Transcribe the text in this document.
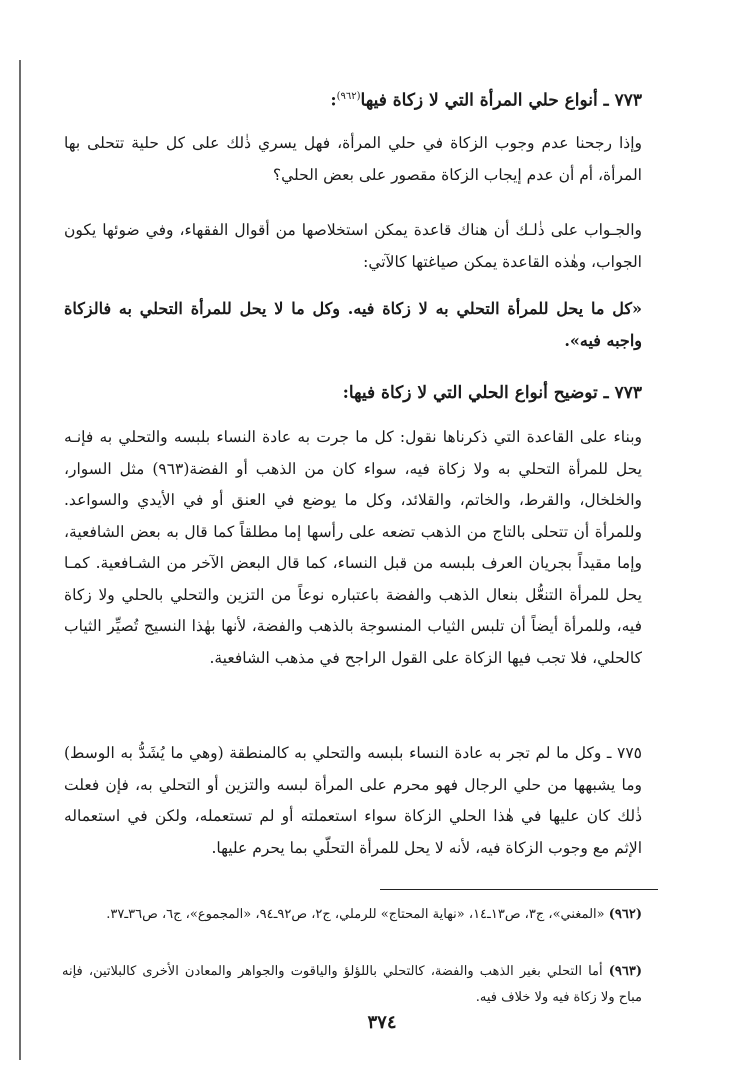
٧٧٣ ـ أنواع حلي المرأة التي لا زكاة فيها$^{(٩٦٢)}$:
وإذا رجحنا عدم وجوب الزكاة في حلي المرأة، فهل يسري ذٰلك على كل حلية تتحلى بها المرأة، أم أن عدم إيجاب الزكاة مقصور على بعض الحلي؟
والجـواب على ذٰلـك أن هناك قاعدة يمكن استخلاصها من أقوال الفقهاء، وفي ضوئها يكون الجواب، وهٰذه القاعدة يمكن صياغتها كالآتي:
«كل ما يحل للمرأة التحلي به لا زكاة فيه. وكل ما لا يحل للمرأة التحلي به فالزكاة واجبه فيه».
٧٧٣ ـ توضيح أنواع الحلي التي لا زكاة فيها:
وبناء على القاعدة التي ذكرناها نقول: كل ما جرت به عادة النساء بلبسه والتحلي به فإنـه يحل للمرأة التحلي به ولا زكاة فيه، سواء كان من الذهب أو الفضة(٩٦٣) مثل السوار، والخلخال، والقرط، والخاتم، والقلائد، وكل ما يوضع في العنق أو في الأيدي والسواعد. وللمرأة أن تتحلى بالتاج من الذهب تضعه على رأسها إما مطلقاً كما قال به بعض الشافعية، وإما مقيداً بجريان العرف بلبسه من قبل النساء، كما قال البعض الآخر من الشـافعية. كمـا يحل للمرأة التنعُّل بنعال الذهب والفضة باعتباره نوعاً من التزين والتحلي بالحلي ولا زكاة فيه، وللمرأة أيضاً أن تلبس الثياب المنسوجة بالذهب والفضة، لأنها بهٰذا النسيج تُصيِّر الثياب كالحلي، فلا تجب فيها الزكاة على القول الراجح في مذهب الشافعية.
٧٧٥ ـ وكل ما لم تجر به عادة النساء بلبسه والتحلي به كالمنطقة (وهي ما يُشَدُّ به الوسط) وما يشبهها من حلي الرجال فهو محرم على المرأة لبسه والتزين أو التحلي به، فإن فعلت ذٰلك كان عليها في هٰذا الحلي الزكاة سواء استعملته أو لم تستعمله، ولكن في استعماله الإثم مع وجوب الزكاة فيه، لأنه لا يحل للمرأة التحلّي بما يحرم عليها.
(٩٦٢) «المغني»، ج٣، ص١٣ـ١٤، «نهاية المحتاج» للرملي، ج٢، ص٩٢ـ٩٤، «المجموع»، ج٦، ص٣٦ـ٣٧.
(٩٦٣) أما التحلي بغير الذهب والفضة، كالتحلي باللؤلؤ والياقوت والجواهر والمعادن الأخرى كالبلاتين، فإنه مباح ولا زكاة فيه ولا خلاف فيه.
٣٧٤
